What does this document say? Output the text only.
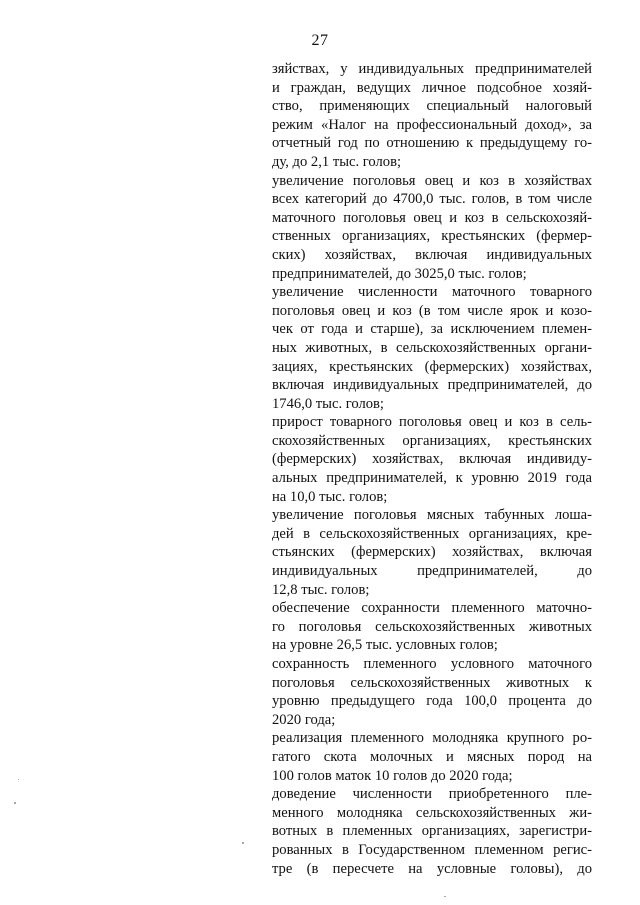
27
зяйствах, у индивидуальных предпринимателей
и граждан, ведущих личное подсобное хозяй-
ство, применяющих специальный налоговый
режим «Налог на профессиональный доход», за
отчетный год по отношению к предыдущему го-
ду, до 2,1 тыс. голов;
увеличение поголовья овец и коз в хозяйствах
всех категорий до 4700,0 тыс. голов, в том числе
маточного поголовья овец и коз в сельскохозяй-
ственных организациях, крестьянских (фермер-
ских) хозяйствах, включая индивидуальных
предпринимателей, до 3025,0 тыс. голов;
увеличение численности маточного товарного
поголовья овец и коз (в том числе ярок и козо-
чек от года и старше), за исключением племен-
ных животных, в сельскохозяйственных органи-
зациях, крестьянских (фермерских) хозяйствах,
включая индивидуальных предпринимателей, до
1746,0 тыс. голов;
прирост товарного поголовья овец и коз в сель-
скохозяйственных организациях, крестьянских
(фермерских) хозяйствах, включая индивиду-
альных предпринимателей, к уровню 2019 года
на 10,0 тыс. голов;
увеличение поголовья мясных табунных лоша-
дей в сельскохозяйственных организациях, кре-
стьянских (фермерских) хозяйствах, включая
индивидуальных предпринимателей, до
12,8 тыс. голов;
обеспечение сохранности племенного маточно-
го поголовья сельскохозяйственных животных
на уровне 26,5 тыс. условных голов;
сохранность племенного условного маточного
поголовья сельскохозяйственных животных к
уровню предыдущего года 100,0 процента до
2020 года;
реализация племенного молодняка крупного ро-
гатого скота молочных и мясных пород на
100 голов маток 10 голов до 2020 года;
доведение численности приобретенного пле-
менного молодняка сельскохозяйственных жи-
вотных в племенных организациях, зарегистри-
рованных в Государственном племенном регис-
тре (в пересчете на условные головы), до
